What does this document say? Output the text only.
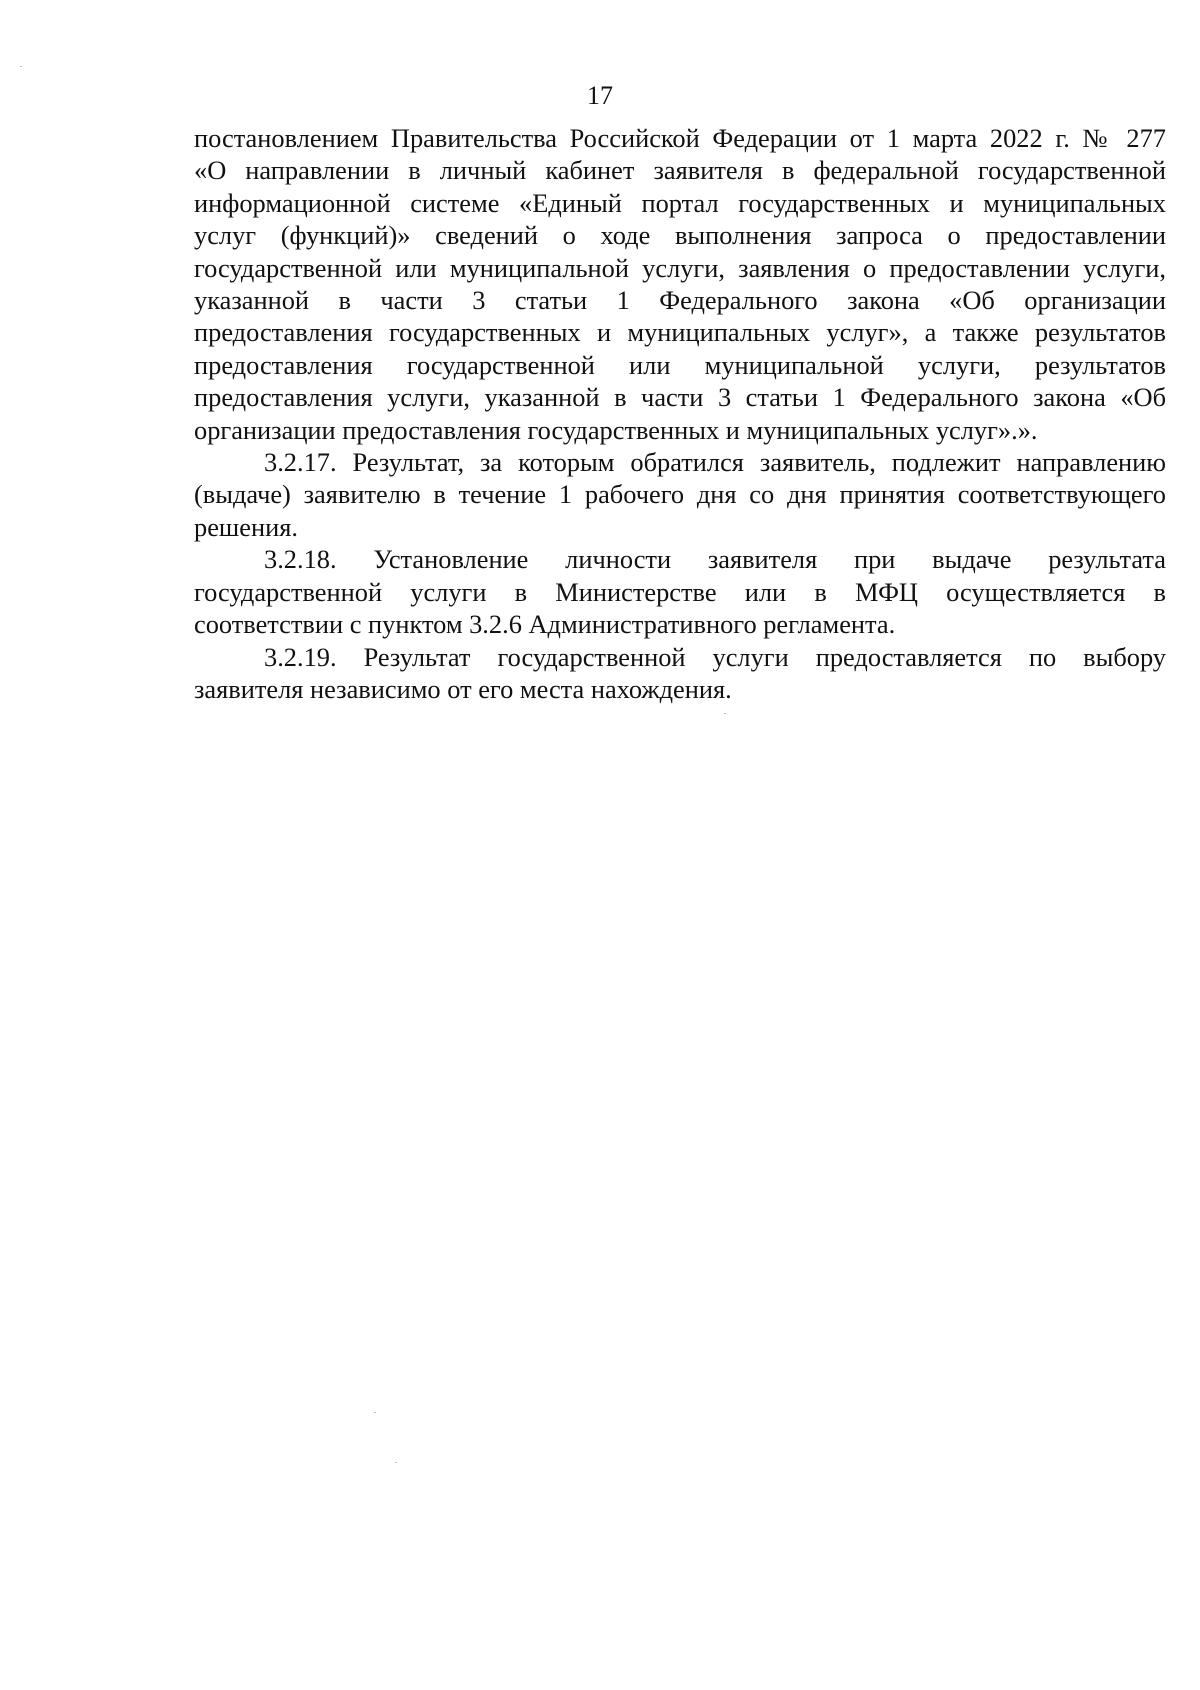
17
постановлением Правительства Российской Федерации от 1 марта 2022 г. № 277
«О направлении в личный кабинет заявителя в федеральной государственной
информационной системе «Единый портал государственных и муниципальных
услуг (функций)» сведений о ходе выполнения запроса о предоставлении
государственной или муниципальной услуги, заявления о предоставлении услуги,
указанной в части 3 статьи 1 Федерального закона «Об организации
предоставления государственных и муниципальных услуг», а также результатов
предоставления государственной или муниципальной услуги, результатов
предоставления услуги, указанной в части 3 статьи 1 Федерального закона «Об
организации предоставления государственных и муниципальных услуг».».
3.2.17. Результат, за которым обратился заявитель, подлежит направлению
(выдаче) заявителю в течение 1 рабочего дня со дня принятия соответствующего
решения.
3.2.18. Установление личности заявителя при выдаче результата
государственной услуги в Министерстве или в МФЦ осуществляется в
соответствии с пунктом 3.2.6 Административного регламента.
3.2.19. Результат государственной услуги предоставляется по выбору
заявителя независимо от его места нахождения.
